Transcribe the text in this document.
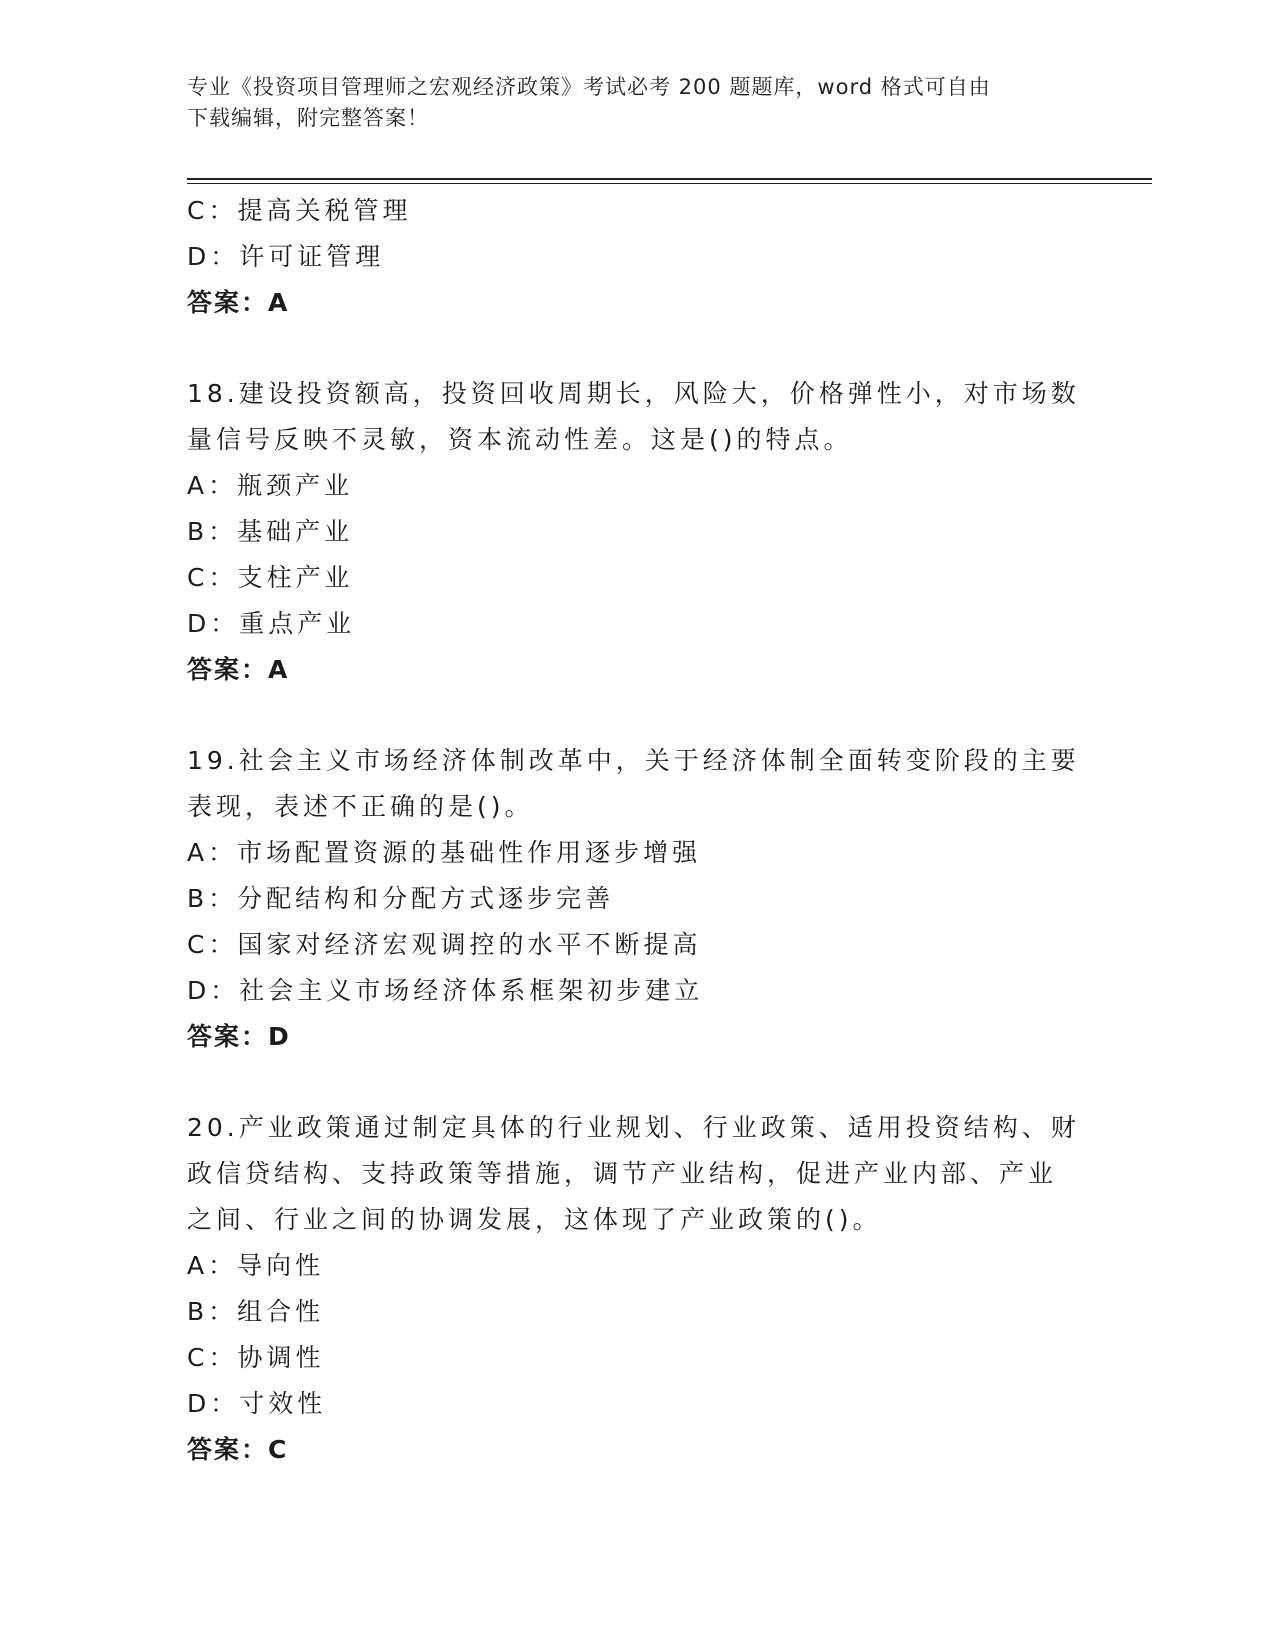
专业《投资项目管理师之宏观经济政策》考试必考 200 题题库，word 格式可自由
下载编辑，附完整答案！
C：提高关税管理
D：许可证管理
答案：A
18.建设投资额高，投资回收周期长，风险大，价格弹性小，对市场数
量信号反映不灵敏，资本流动性差。这是()的特点。
A：瓶颈产业
B：基础产业
C：支柱产业
D：重点产业
答案：A
19.社会主义市场经济体制改革中，关于经济体制全面转变阶段的主要
表现，表述不正确的是()。
A：市场配置资源的基础性作用逐步增强
B：分配结构和分配方式逐步完善
C：国家对经济宏观调控的水平不断提高
D：社会主义市场经济体系框架初步建立
答案：D
20.产业政策通过制定具体的行业规划、行业政策、适用投资结构、财
政信贷结构、支持政策等措施，调节产业结构，促进产业内部、产业
之间、行业之间的协调发展，这体现了产业政策的()。
A：导向性
B：组合性
C：协调性
D：寸效性
答案：C
